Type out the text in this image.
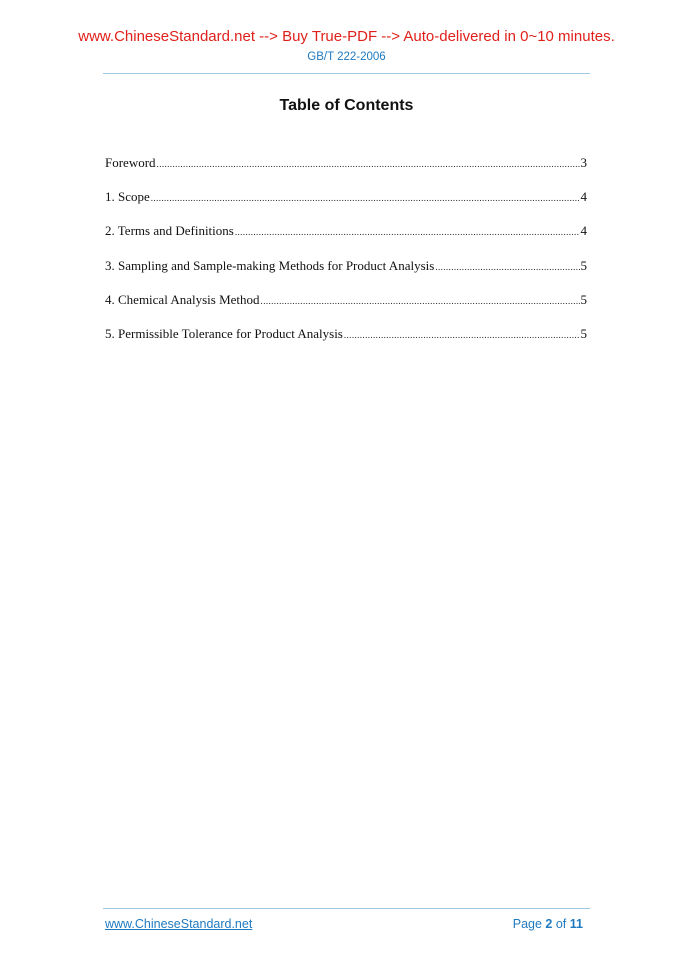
www.ChineseStandard.net --> Buy True-PDF --> Auto-delivered in 0~10 minutes.
GB/T 222-2006
Table of Contents
Foreword .....	3
1. Scope .....	4
2. Terms and Definitions .....	4
3. Sampling and Sample-making Methods for Product Analysis .....	5
4. Chemical Analysis Method .....	5
5. Permissible Tolerance for Product Analysis .....	5
www.ChineseStandard.net	Page 2 of 11
